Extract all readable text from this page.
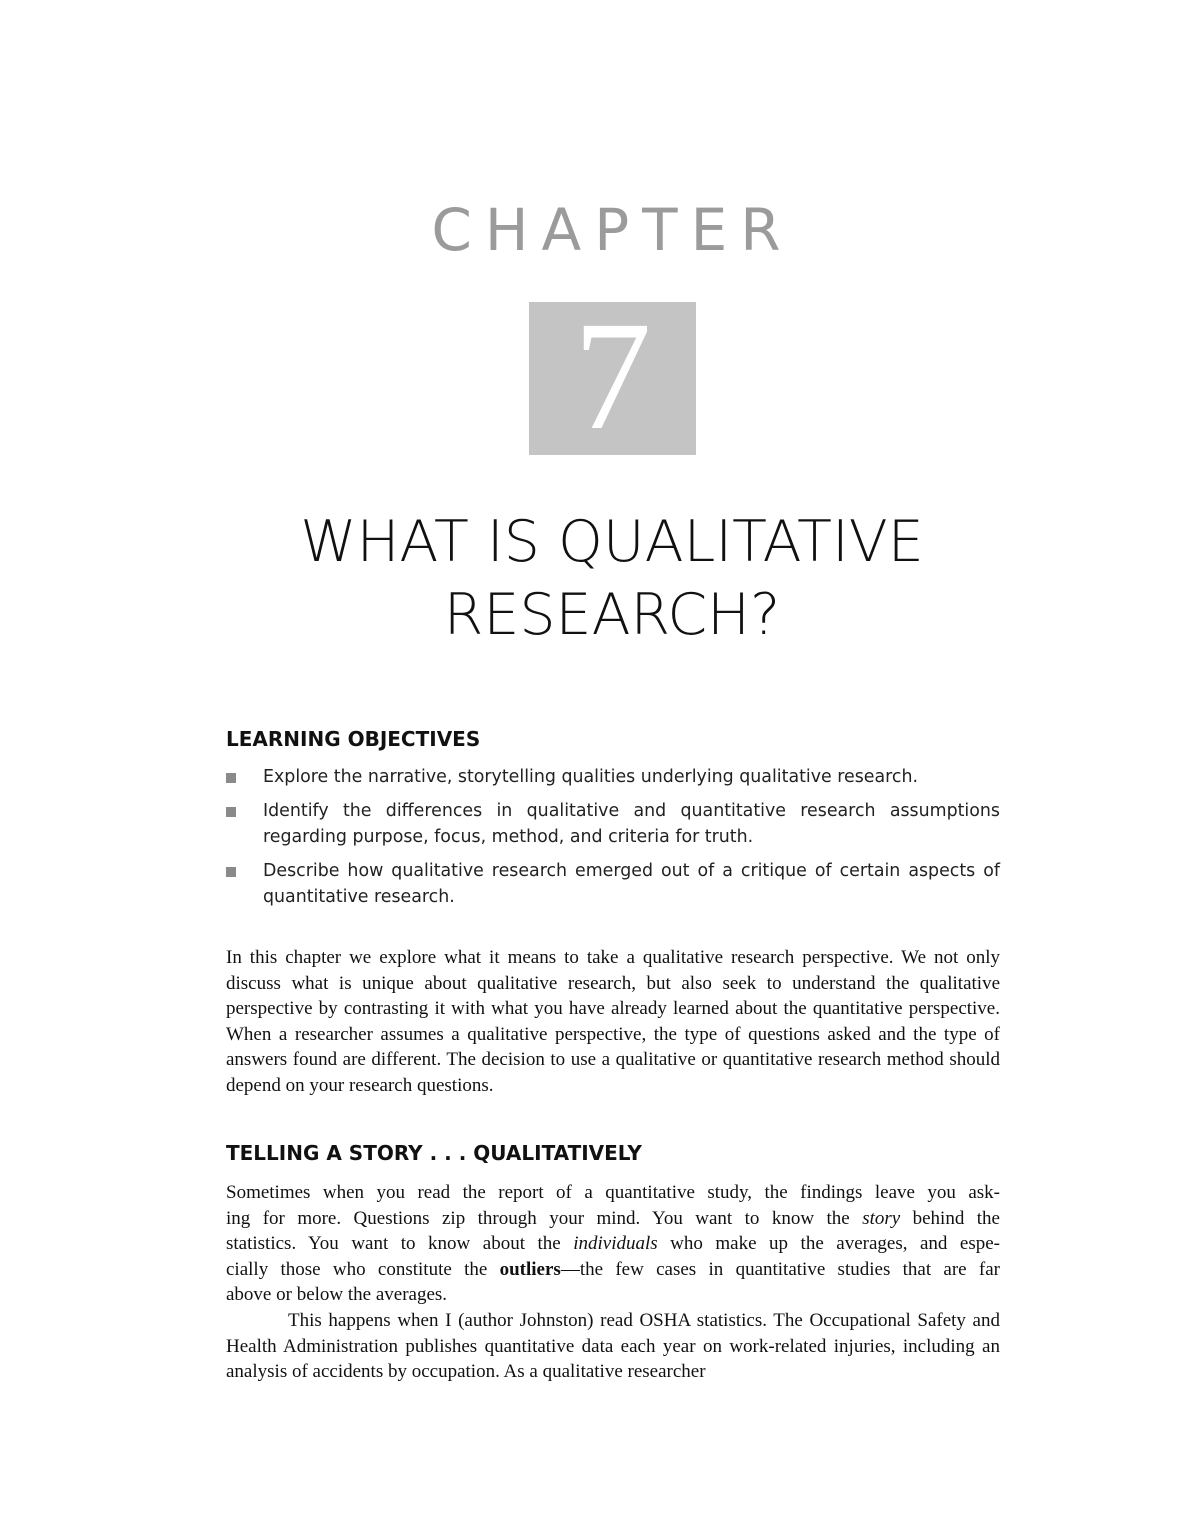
CHAPTER
7
WHAT IS QUALITATIVE
RESEARCH?
LEARNING OBJECTIVES
Explore the narrative, storytelling qualities underlying qualitative research.
Identify the differences in qualitative and quantitative research assumptions regarding purpose, focus, method, and criteria for truth.
Describe how qualitative research emerged out of a critique of certain aspects of quantitative research.

In this chapter we explore what it means to take a qualitative research perspective. We not only discuss what is unique about qualitative research, but also seek to understand the qualitative perspective by contrasting it with what you have already learned about the quantitative perspective. When a researcher assumes a qualitative perspective, the type of questions asked and the type of answers found are different. The decision to use a qualitative or quantitative research method should depend on your research questions.

TELLING A STORY . . . QUALITATIVELY

Sometimes when you read the report of a quantitative study, the findings leave you ask-
ing for more. Questions zip through your mind. You want to know the story behind the
statistics. You want to know about the individuals who make up the averages, and espe-
cially those who constitute the outliers—the few cases in quantitative studies that are far
above or below the averages.

This happens when I (author Johnston) read OSHA statistics. The Occupational Safety and Health Administration publishes quantitative data each year on work-related injuries, including an analysis of accidents by occupation. As a qualitative researcher
